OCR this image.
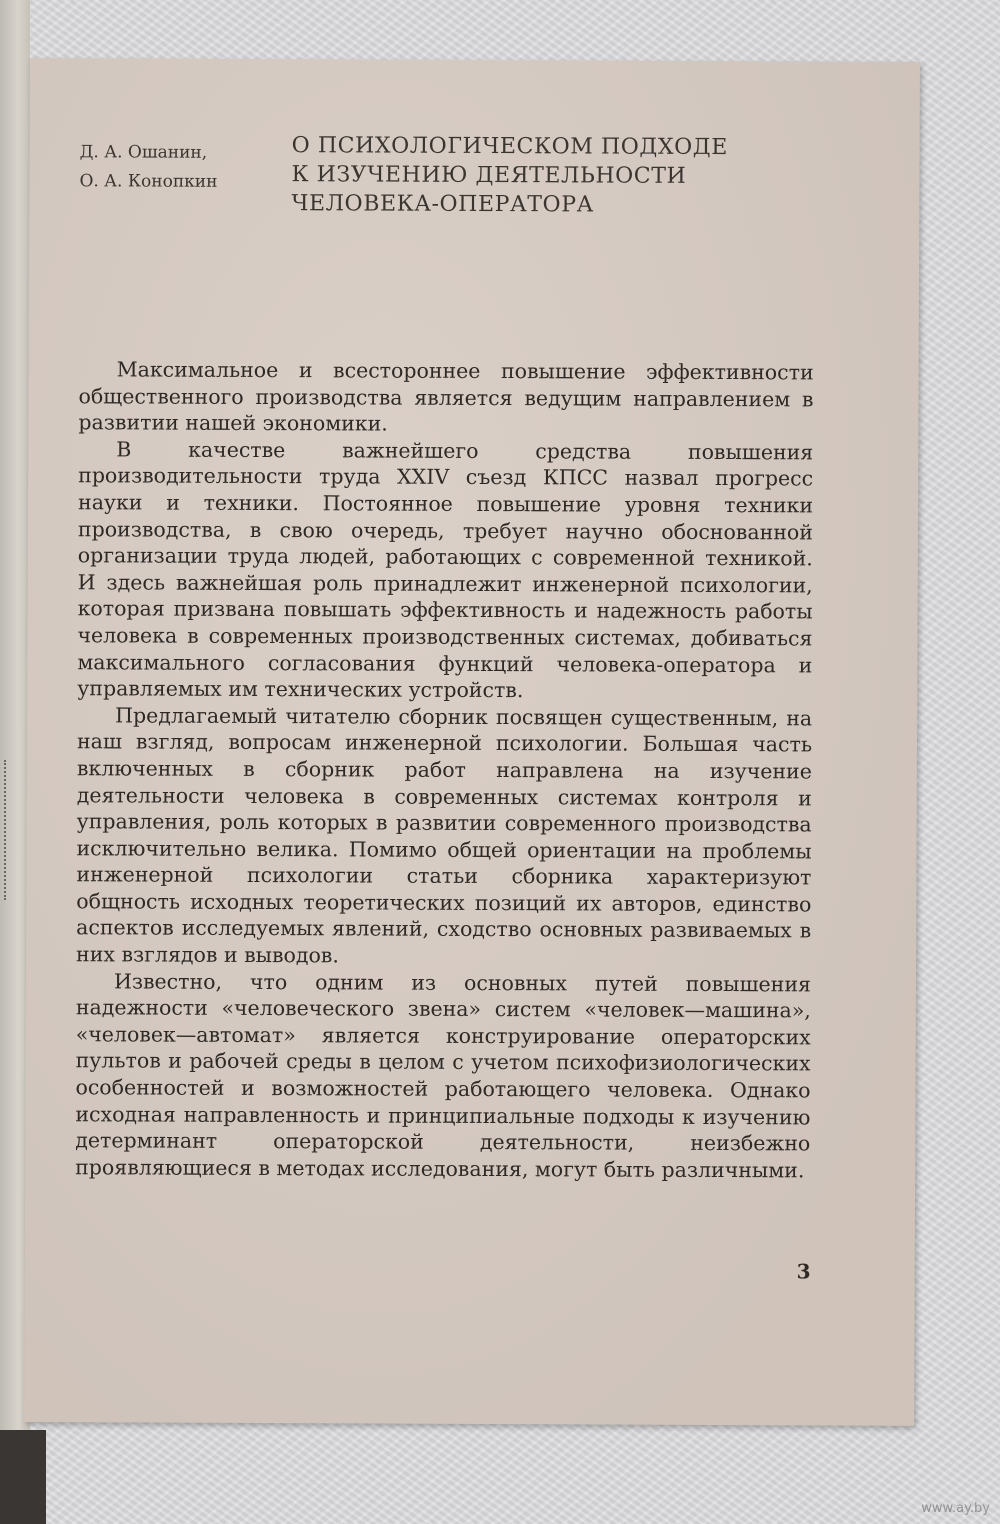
Д. А. Ошанин,
О. А. Конопкин
О ПСИХОЛОГИЧЕСКОМ ПОДХОДЕ
К ИЗУЧЕНИЮ ДЕЯТЕЛЬНОСТИ
ЧЕЛОВЕКА-ОПЕРАТОРА

Максимальное и всестороннее повышение эффективности общественного производства является ведущим направлением в развитии нашей экономики.

В качестве важнейшего средства повышения производительности труда XXIV съезд КПСС назвал прогресс науки и техники. Постоянное повышение уровня техники производства, в свою очередь, требует научно обоснованной организации труда людей, работающих с современной техникой. И здесь важнейшая роль принадлежит инженерной психологии, которая призвана повышать эффективность и надежность работы человека в современных производственных системах, добиваться максимального согласования функций человека-оператора и управляемых им технических устройств.

Предлагаемый читателю сборник посвящен существенным, на наш взгляд, вопросам инженерной психологии. Большая часть включенных в сборник работ направлена на изучение деятельности человека в современных системах контроля и управления, роль которых в развитии современного производства исключительно велика. Помимо общей ориентации на проблемы инженерной психологии статьи сборника характеризуют общность исходных теоретических позиций их авторов, единство аспектов исследуемых явлений, сходство основных развиваемых в них взглядов и выводов.

Известно, что одним из основных путей повышения надежности «человеческого звена» систем «человек—машина», «человек—автомат» является конструирование операторских пультов и рабочей среды в целом с учетом психофизиологических особенностей и возможностей работающего человека. Однако исходная направленность и принципиальные подходы к изучению детерминант операторской деятельности, неизбежно проявляющиеся в методах исследования, могут быть различными.

3
www.ay.by
